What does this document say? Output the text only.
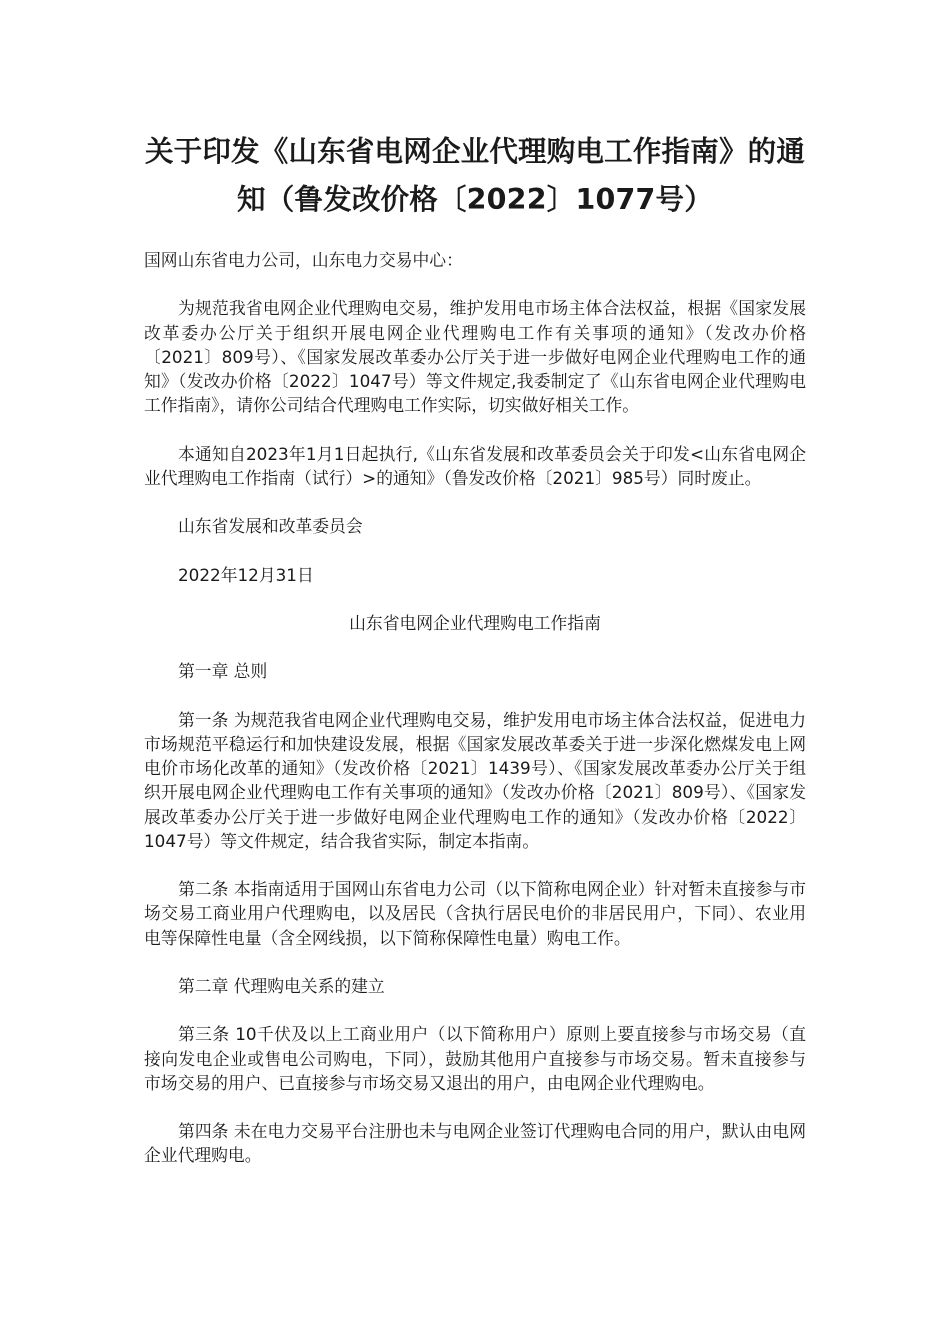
关于印发《山东省电网企业代理购电工作指南》的通知（鲁发改价格〔2022〕1077号）

国网山东省电力公司，山东电力交易中心：

为规范我省电网企业代理购电交易，维护发用电市场主体合法权益，根据《国家发展改革委办公厅关于组织开展电网企业代理购电工作有关事项的通知》（发改办价格〔2021〕809号）、《国家发展改革委办公厅关于进一步做好电网企业代理购电工作的通知》（发改办价格〔2022〕1047号）等文件规定,我委制定了《山东省电网企业代理购电工作指南》，请你公司结合代理购电工作实际，切实做好相关工作。

本通知自2023年1月1日起执行,《山东省发展和改革委员会关于印发<山东省电网企业代理购电工作指南（试行）>的通知》（鲁发改价格〔2021〕985号）同时废止。

山东省发展和改革委员会

2022年12月31日

山东省电网企业代理购电工作指南

第一章 总则

第一条 为规范我省电网企业代理购电交易，维护发用电市场主体合法权益，促进电力市场规范平稳运行和加快建设发展，根据《国家发展改革委关于进一步深化燃煤发电上网电价市场化改革的通知》（发改价格〔2021〕1439号）、《国家发展改革委办公厅关于组织开展电网企业代理购电工作有关事项的通知》（发改办价格〔2021〕809号）、《国家发展改革委办公厅关于进一步做好电网企业代理购电工作的通知》（发改办价格〔2022〕1047号）等文件规定，结合我省实际，制定本指南。

第二条 本指南适用于国网山东省电力公司（以下简称电网企业）针对暂未直接参与市场交易工商业用户代理购电，以及居民（含执行居民电价的非居民用户，下同）、农业用电等保障性电量（含全网线损，以下简称保障性电量）购电工作。

第二章 代理购电关系的建立

第三条 10千伏及以上工商业用户（以下简称用户）原则上要直接参与市场交易（直接向发电企业或售电公司购电，下同），鼓励其他用户直接参与市场交易。暂未直接参与市场交易的用户、已直接参与市场交易又退出的用户，由电网企业代理购电。

第四条 未在电力交易平台注册也未与电网企业签订代理购电合同的用户，默认由电网企业代理购电。
